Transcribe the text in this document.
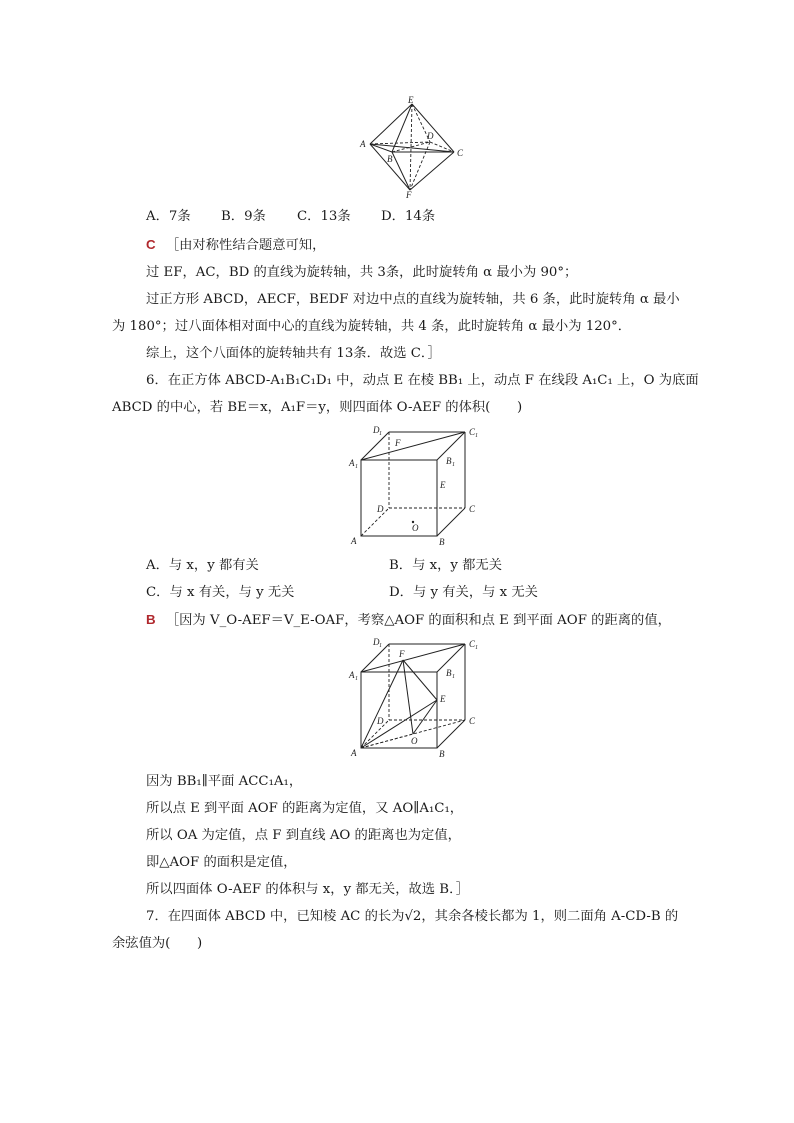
E
A
B
C
D
F
A．7条 B．9条 C．13条 D．14条
C ［由对称性结合题意可知，
过 EF，AC，BD 的直线为旋转轴，共 3条，此时旋转角 α 最小为 90°；
过正方形 ABCD，AECF，BEDF 对边中点的直线为旋转轴，共 6 条，此时旋转角 α 最小
为 180°；过八面体相对面中心的直线为旋转轴，共 4 条，此时旋转角 α 最小为 120°．
综上，这个八面体的旋转轴共有 13条．故选 C．］
6．在正方体 ABCD-A₁B₁C₁D₁ 中，动点 E 在棱 BB₁ 上，动点 F 在线段 A₁C₁ 上，O 为底面
ABCD 的中心，若 BE＝x，A₁F＝y，则四面体 O-AEF 的体积(　　)
D 1	C 1
A 1
B 1
F
E
D	C
O
A	B
A．与 x，y 都有关	B．与 x，y 都无关
C．与 x 有关，与 y 无关	D．与 y 有关，与 x 无关
B ［因为 V_O-AEF＝V_E-OAF，考察△AOF 的面积和点 E 到平面 AOF 的距离的值，
D 1	C 1
A 1
B 1
F
E
D	C
O
A	B
因为 BB₁∥平面 ACC₁A₁，
所以点 E 到平面 AOF 的距离为定值，又 AO∥A₁C₁，
所以 OA 为定值，点 F 到直线 AO 的距离也为定值，
即△AOF 的面积是定值，
所以四面体 O-AEF 的体积与 x，y 都无关，故选 B．］
7．在四面体 ABCD 中，已知棱 AC 的长为√2，其余各棱长都为 1，则二面角 A-CD-B 的
余弦值为(　　)
